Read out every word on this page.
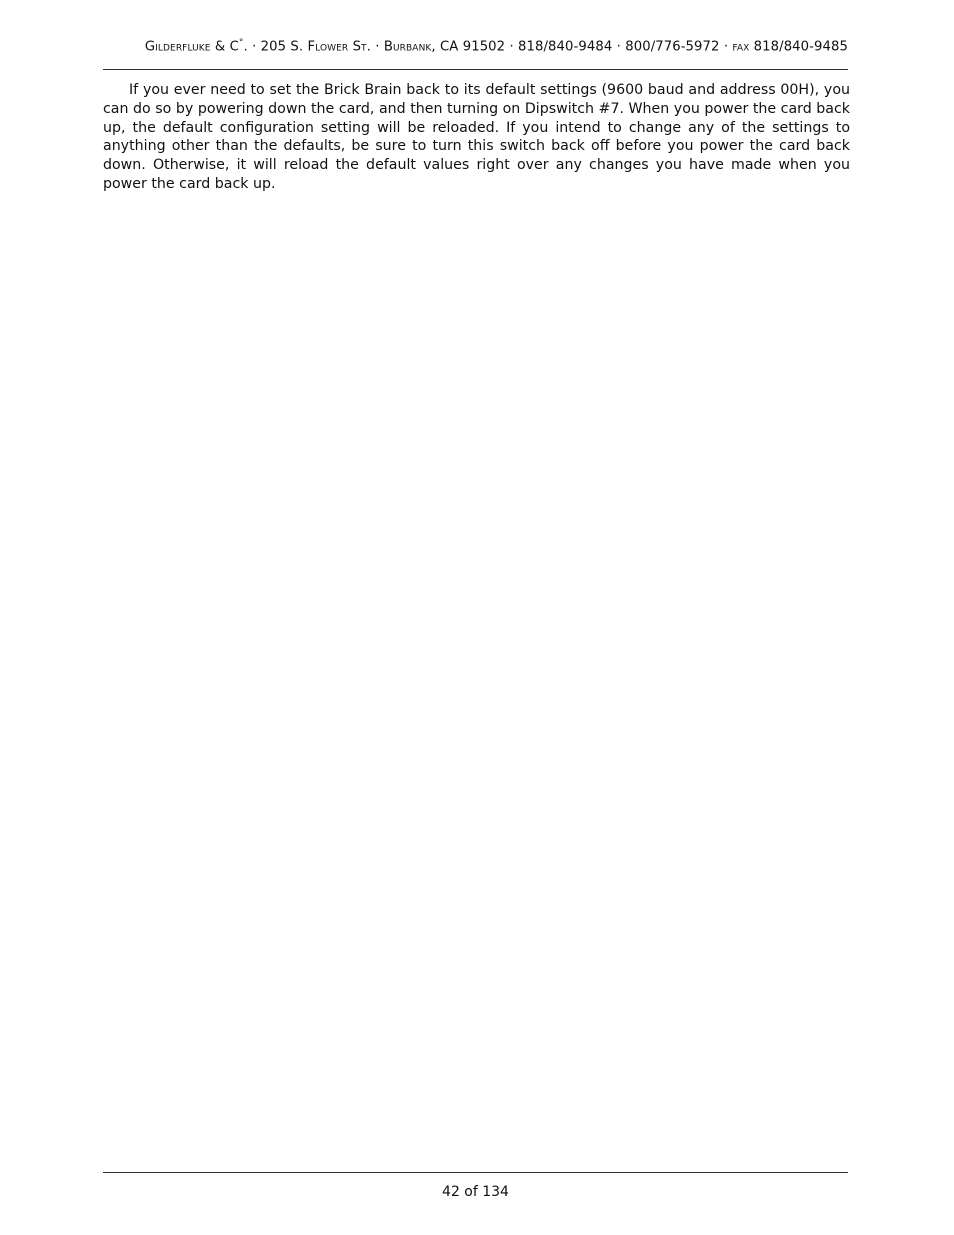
Gilderfluke & C°. · 205 S. Flower St. · Burbank, CA 91502 · 818/840-9484 · 800/776-5972 · fax 818/840-9485

If you ever need to set the Brick Brain back to its default settings (9600 baud and address 00H), you can do so by powering down the card, and then turning on Dipswitch #7. When you power the card back up, the default configuration setting will be reloaded. If you intend to change any of the settings to anything other than the defaults, be sure to turn this switch back off before you power the card back down. Otherwise, it will reload the default values right over any changes you have made when you power the card back up.

42 of 134
